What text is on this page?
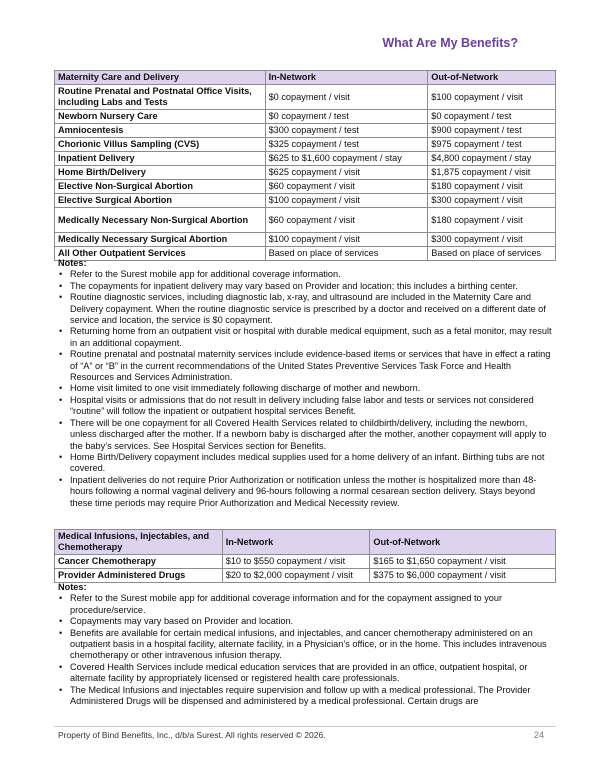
What Are My Benefits?
Maternity Care and Delivery	In-Network	Out-of-Network
Routine Prenatal and Postnatal Office Visits, including Labs and Tests	$0 copayment / visit	$100 copayment / visit
Newborn Nursery Care	$0 copayment / test	$0 copayment / test
Amniocentesis	$300 copayment / test	$900 copayment / test
Chorionic Villus Sampling (CVS)	$325 copayment / test	$975 copayment / test
Inpatient Delivery	$625 to $1,600 copayment / stay	$4,800 copayment / stay
Home Birth/Delivery	$625 copayment / visit	$1,875 copayment / visit
Elective Non-Surgical Abortion	$60 copayment / visit	$180 copayment / visit
Elective Surgical Abortion	$100 copayment / visit	$300 copayment / visit
Medically Necessary Non-Surgical Abortion	$60 copayment / visit	$180 copayment / visit
Medically Necessary Surgical Abortion	$100 copayment / visit	$300 copayment / visit
All Other Outpatient Services	Based on place of services	Based on place of services
Notes:
• Refer to the Surest mobile app for additional coverage information.
• The copayments for inpatient delivery may vary based on Provider and location; this includes a birthing center.
• Routine diagnostic services, including diagnostic lab, x-ray, and ultrasound are included in the Maternity Care and Delivery copayment. When the routine diagnostic service is prescribed by a doctor and received on a different date of service and location, the service is $0 copayment.
• Returning home from an outpatient visit or hospital with durable medical equipment, such as a fetal monitor, may result in an additional copayment.
• Routine prenatal and postnatal maternity services include evidence-based items or services that have in effect a rating of “A” or “B” in the current recommendations of the United States Preventive Services Task Force and Health Resources and Services Administration.
• Home visit limited to one visit immediately following discharge of mother and newborn.
• Hospital visits or admissions that do not result in delivery including false labor and tests or services not considered “routine” will follow the inpatient or outpatient hospital services Benefit.
• There will be one copayment for all Covered Health Services related to childbirth/delivery, including the newborn, unless discharged after the mother. If a newborn baby is discharged after the mother, another copayment will apply to the baby’s services. See Hospital Services section for Benefits.
• Home Birth/Delivery copayment includes medical supplies used for a home delivery of an infant. Birthing tubs are not covered.
• Inpatient deliveries do not require Prior Authorization or notification unless the mother is hospitalized more than 48-hours following a normal vaginal delivery and 96-hours following a normal cesarean section delivery. Stays beyond these time periods may require Prior Authorization and Medical Necessity review.
Medical Infusions, Injectables, and Chemotherapy	In-Network	Out-of-Network
Cancer Chemotherapy	$10 to $550 copayment / visit	$165 to $1,650 copayment / visit
Provider Administered Drugs	$20 to $2,000 copayment / visit	$375 to $6,000 copayment / visit
Notes:
• Refer to the Surest mobile app for additional coverage information and for the copayment assigned to your procedure/service.
• Copayments may vary based on Provider and location.
• Benefits are available for certain medical infusions, and injectables, and cancer chemotherapy administered on an outpatient basis in a hospital facility, alternate facility, in a Physician’s office, or in the home. This includes intravenous chemotherapy or other intravenous infusion therapy.
• Covered Health Services include medical education services that are provided in an office, outpatient hospital, or alternate facility by appropriately licensed or registered health care professionals.
• The Medical Infusions and injectables require supervision and follow up with a medical professional. The Provider Administered Drugs will be dispensed and administered by a medical professional. Certain drugs are
Property of Bind Benefits, Inc., d/b/a Surest. All rights reserved © 2026.	24
